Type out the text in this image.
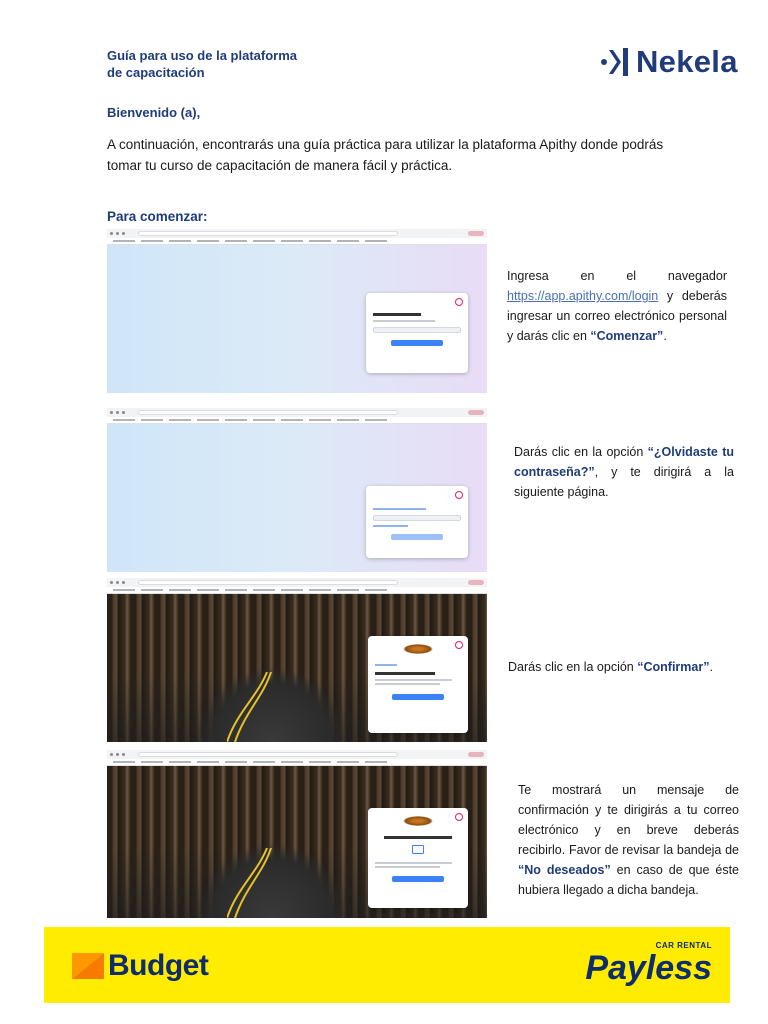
Guía para uso de la plataforma
de capacitación	Nekela
Bienvenido (a),

A continuación, encontrarás una guía práctica para utilizar la plataforma Apithy donde podrás tomar tu curso de capacitación de manera fácil y práctica.

Para comenzar:
Ingresa en el navegador https://app.apithy.com/login y deberás ingresar un correo electrónico personal y darás clic en “Comenzar”.
Darás clic en la opción “¿Olvidaste tu contraseña?”, y te dirigirá a la siguiente página.
Darás clic en la opción “Confirmar”.
Te mostrará un mensaje de confirmación y te dirigirás a tu correo electrónico y en breve deberás recibirlo. Favor de revisar la bandeja de “No deseados” en caso de que éste hubiera llegado a dicha bandeja.
Budget
CAR RENTAL
Payless
